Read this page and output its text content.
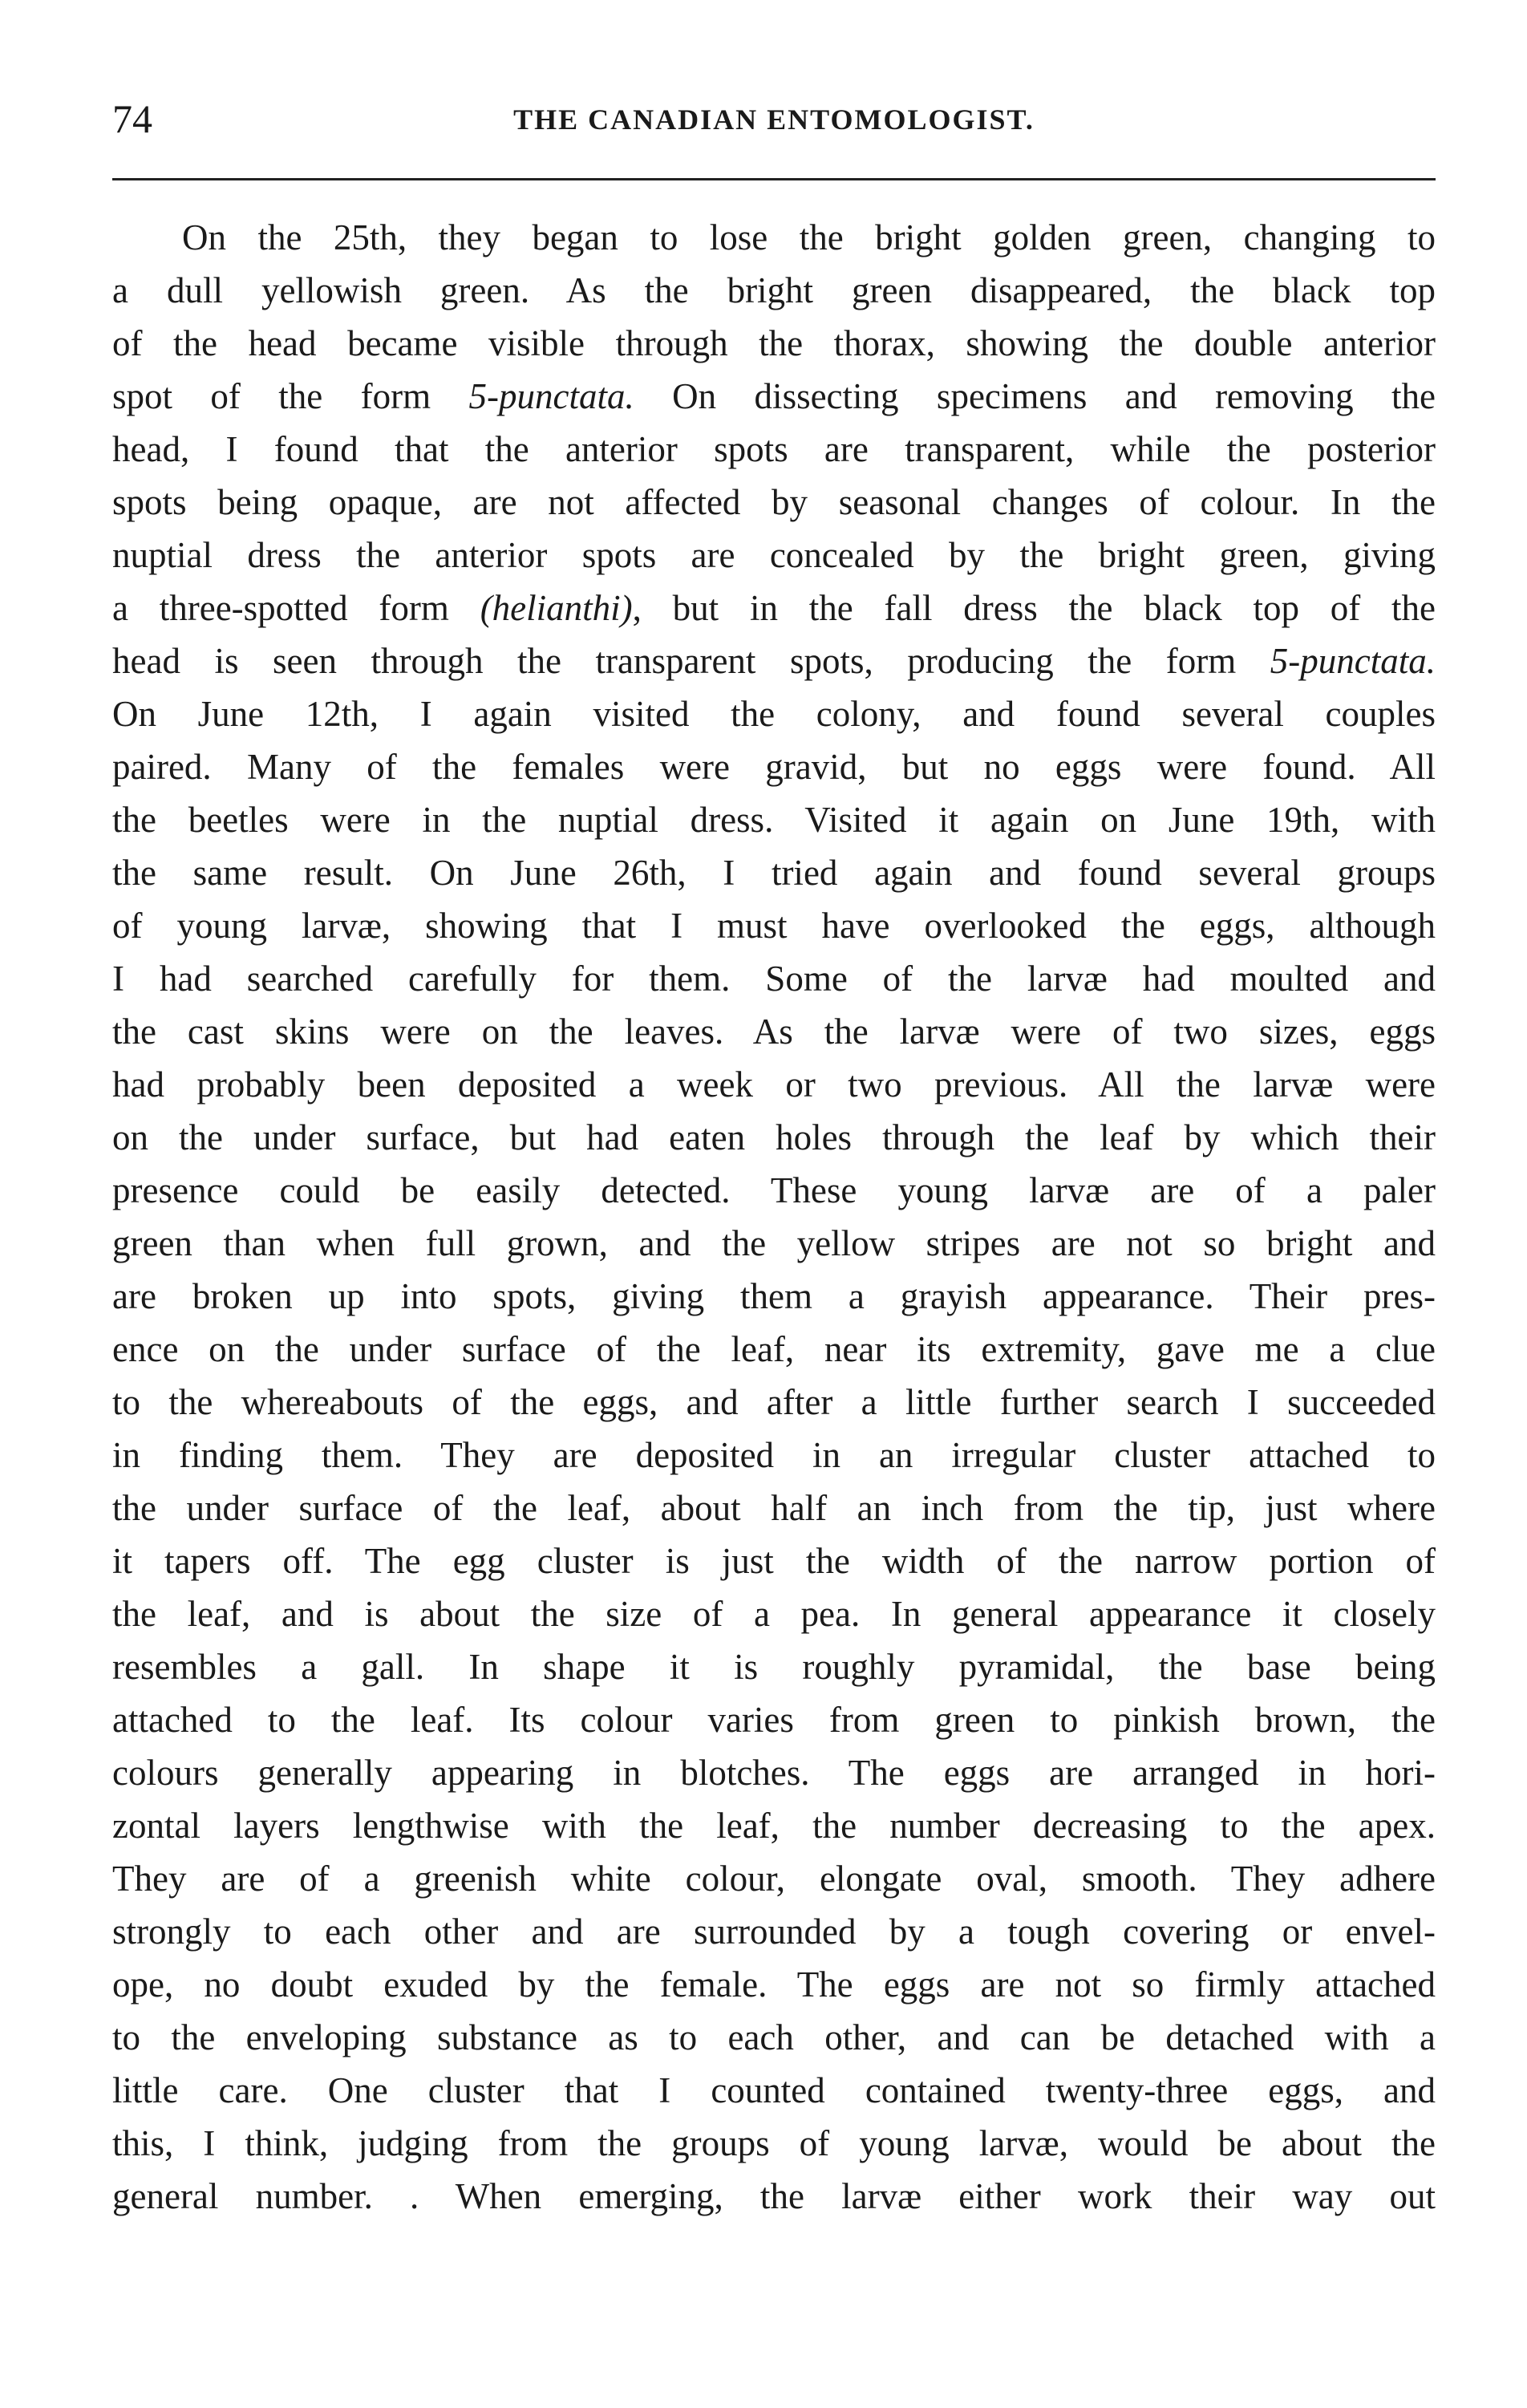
74	THE CANADIAN ENTOMOLOGIST.
On the 25th, they began to lose the bright golden green, changing to
a dull yellowish green. As the bright green disappeared, the black top
of the head became visible through the thorax, showing the double anterior
spot of the form 5-punctata. On dissecting specimens and removing the
head, I found that the anterior spots are transparent, while the posterior
spots being opaque, are not affected by seasonal changes of colour. In the
nuptial dress the anterior spots are concealed by the bright green, giving
a three-spotted form (helianthi), but in the fall dress the black top of the
head is seen through the transparent spots, producing the form 5-punctata.
On June 12th, I again visited the colony, and found several couples
paired. Many of the females were gravid, but no eggs were found. All
the beetles were in the nuptial dress. Visited it again on June 19th, with
the same result. On June 26th, I tried again and found several groups
of young larvæ, showing that I must have overlooked the eggs, although
I had searched carefully for them. Some of the larvæ had moulted and
the cast skins were on the leaves. As the larvæ were of two sizes, eggs
had probably been deposited a week or two previous. All the larvæ were
on the under surface, but had eaten holes through the leaf by which their
presence could be easily detected. These young larvæ are of a paler
green than when full grown, and the yellow stripes are not so bright and
are broken up into spots, giving them a grayish appearance. Their pres-
ence on the under surface of the leaf, near its extremity, gave me a clue
to the whereabouts of the eggs, and after a little further search I succeeded
in finding them. They are deposited in an irregular cluster attached to
the under surface of the leaf, about half an inch from the tip, just where
it tapers off. The egg cluster is just the width of the narrow portion of
the leaf, and is about the size of a pea. In general appearance it closely
resembles a gall. In shape it is roughly pyramidal, the base being
attached to the leaf. Its colour varies from green to pinkish brown, the
colours generally appearing in blotches. The eggs are arranged in hori-
zontal layers lengthwise with the leaf, the number decreasing to the apex.
They are of a greenish white colour, elongate oval, smooth. They adhere
strongly to each other and are surrounded by a tough covering or envel-
ope, no doubt exuded by the female. The eggs are not so firmly attached
to the enveloping substance as to each other, and can be detached with a
little care. One cluster that I counted contained twenty-three eggs, and
this, I think, judging from the groups of young larvæ, would be about the
general number. . When emerging, the larvæ either work their way out
